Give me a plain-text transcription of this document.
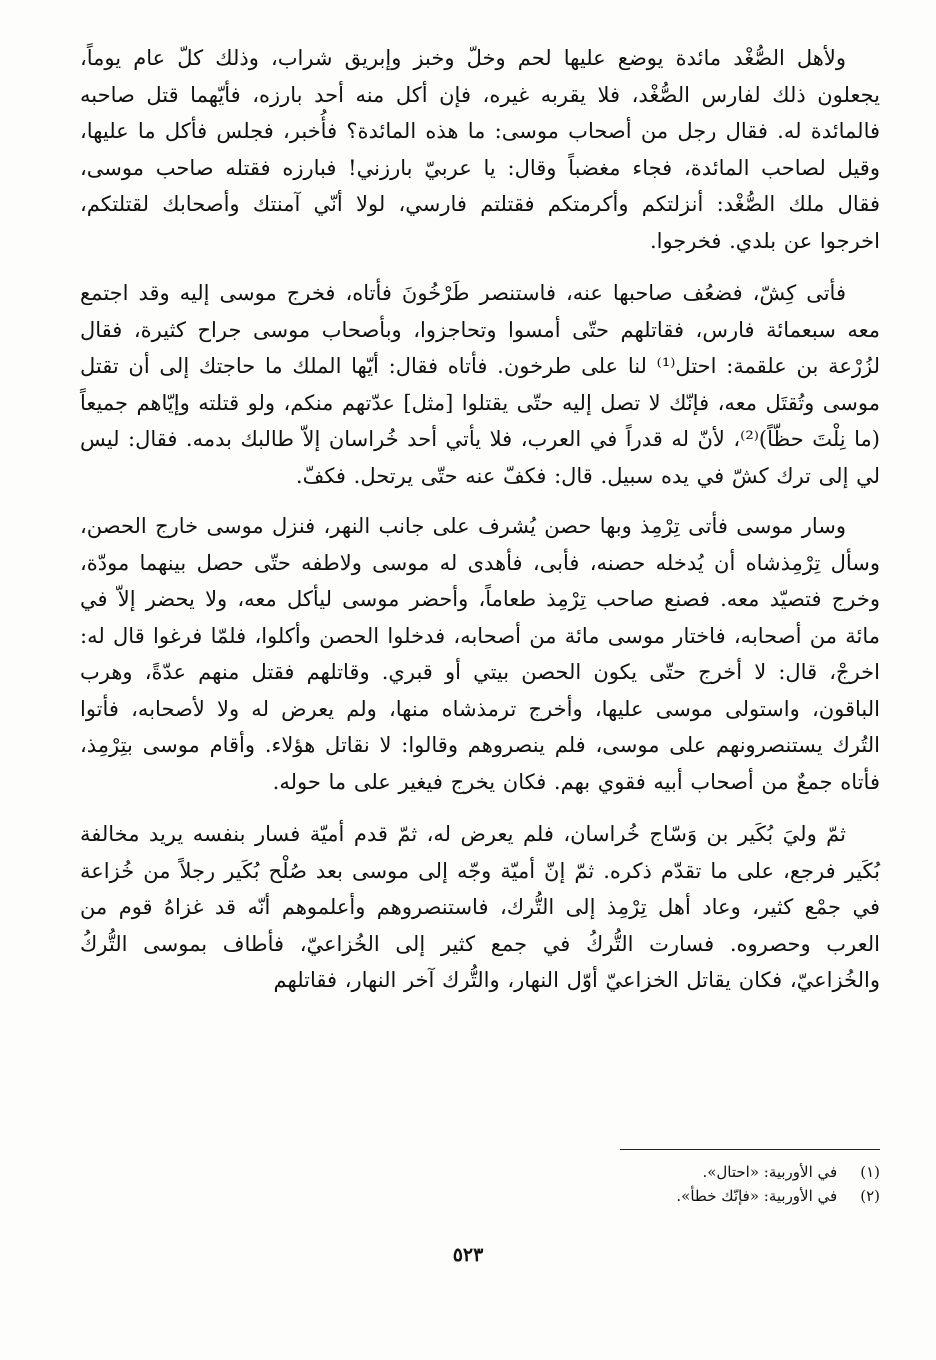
ولأهل الصُّغْد مائدة يوضع عليها لحم وخلّ وخبز وإبريق شراب، وذلك كلّ عام يوماً، يجعلون ذلك لفارس الصُّغْد، فلا يقربه غيره، فإن أكل منه أحد بارزه، فأيّهما قتل صاحبه فالمائدة له. فقال رجل من أصحاب موسى: ما هذه المائدة؟ فأُخبر، فجلس فأكل ما عليها، وقيل لصاحب المائدة، فجاء مغضباً وقال: يا عربيّ بارزني! فبارزه فقتله صاحب موسى، فقال ملك الصُّغْد: أنزلتكم وأكرمتكم فقتلتم فارسي، لولا أنّي آمنتك وأصحابك لقتلتكم، اخرجوا عن بلدي. فخرجوا.

فأتى كِشّ، فضعُف صاحبها عنه، فاستنصر طَرْخُونَ فأتاه، فخرج موسى إليه وقد اجتمع معه سبعمائة فارس، فقاتلهم حتّى أمسوا وتحاجزوا، وبأصحاب موسى جراح كثيرة، فقال لزُرْعة بن علقمة: احتل⁽¹⁾ لنا على طرخون. فأتاه فقال: أيّها الملك ما حاجتك إلى أن تقتل موسى وتُقتَل معه، فإنّك لا تصل إليه حتّى يقتلوا [مثل] عدّتهم منكم، ولو قتلته وإيّاهم جميعاً (ما نِلْتَ حظّاً)⁽²⁾، لأنّ له قدراً في العرب، فلا يأتي أحد خُراسان إلاّ طالبك بدمه. فقال: ليس لي إلى ترك كشّ في يده سبيل. قال: فكفّ عنه حتّى يرتحل. فكفّ.

وسار موسى فأتى تِرْمِذ وبها حصن يُشرف على جانب النهر، فنزل موسى خارج الحصن، وسأل تِرْمِذشاه أن يُدخله حصنه، فأبى، فأهدى له موسى ولاطفه حتّى حصل بينهما مودّة، وخرج فتصيّد معه. فصنع صاحب تِرْمِذ طعاماً، وأحضر موسى ليأكل معه، ولا يحضر إلاّ في مائة من أصحابه، فاختار موسى مائة من أصحابه، فدخلوا الحصن وأكلوا، فلمّا فرغوا قال له: اخرجْ، قال: لا أخرج حتّى يكون الحصن بيتي أو قبري. وقاتلهم فقتل منهم عدّةً، وهرب الباقون، واستولى موسى عليها، وأخرج ترمذشاه منها، ولم يعرض له ولا لأصحابه، فأتوا التُرك يستنصرونهم على موسى، فلم ينصروهم وقالوا: لا نقاتل هؤلاء. وأقام موسى بتِرْمِذ، فأتاه جمعٌ من أصحاب أبيه فقوي بهم. فكان يخرج فيغير على ما حوله.

ثمّ وليَ بُكَير بن وَسّاج خُراسان، فلم يعرض له، ثمّ قدم أميّة فسار بنفسه يريد مخالفة بُكَير فرجع، على ما تقدّم ذكره. ثمّ إنّ أميّة وجّه إلى موسى بعد صُلْح بُكَير رجلاً من خُزاعة في جمْع كثير، وعاد أهل تِرْمِذ إلى التُّرك، فاستنصروهم وأعلموهم أنّه قد غزاهُ قوم من العرب وحصروه. فسارت التُّركُ في جمع كثير إلى الخُزاعيّ، فأطاف بموسى التُّركُ والخُزاعيّ، فكان يقاتل الخزاعيّ أوّل النهار، والتُّرك آخر النهار، فقاتلهم

(١) في الأوربية: «احتال».

(٢) في الأوربية: «فإنّك خطأ».

٥٢٣
